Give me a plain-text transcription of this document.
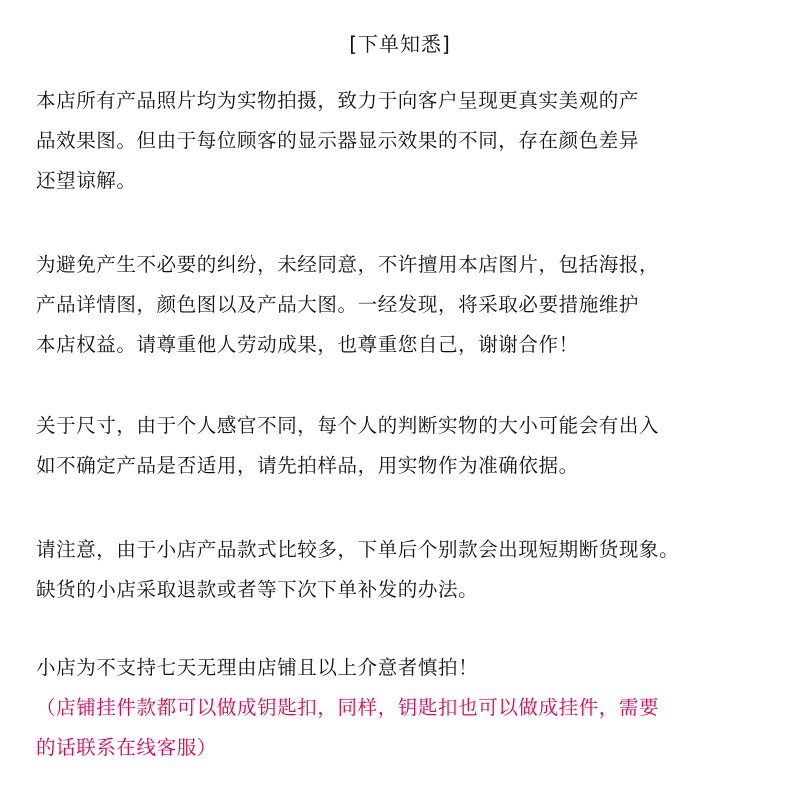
[下单知悉]
本店所有产品照片均为实物拍摄，致力于向客户呈现更真实美观的产
品效果图。但由于每位顾客的显示器显示效果的不同，存在颜色差异
还望谅解。
为避免产生不必要的纠纷，未经同意，不许擅用本店图片，包括海报，
产品详情图，颜色图以及产品大图。一经发现，将采取必要措施维护
本店权益。请尊重他人劳动成果，也尊重您自己，谢谢合作！
关于尺寸，由于个人感官不同，每个人的判断实物的大小可能会有出入
如不确定产品是否适用，请先拍样品，用实物作为准确依据。
请注意，由于小店产品款式比较多，下单后个别款会出现短期断货现象。
缺货的小店采取退款或者等下次下单补发的办法。
小店为不支持七天无理由店铺且以上介意者慎拍！
（店铺挂件款都可以做成钥匙扣，同样，钥匙扣也可以做成挂件，需要
的话联系在线客服）
